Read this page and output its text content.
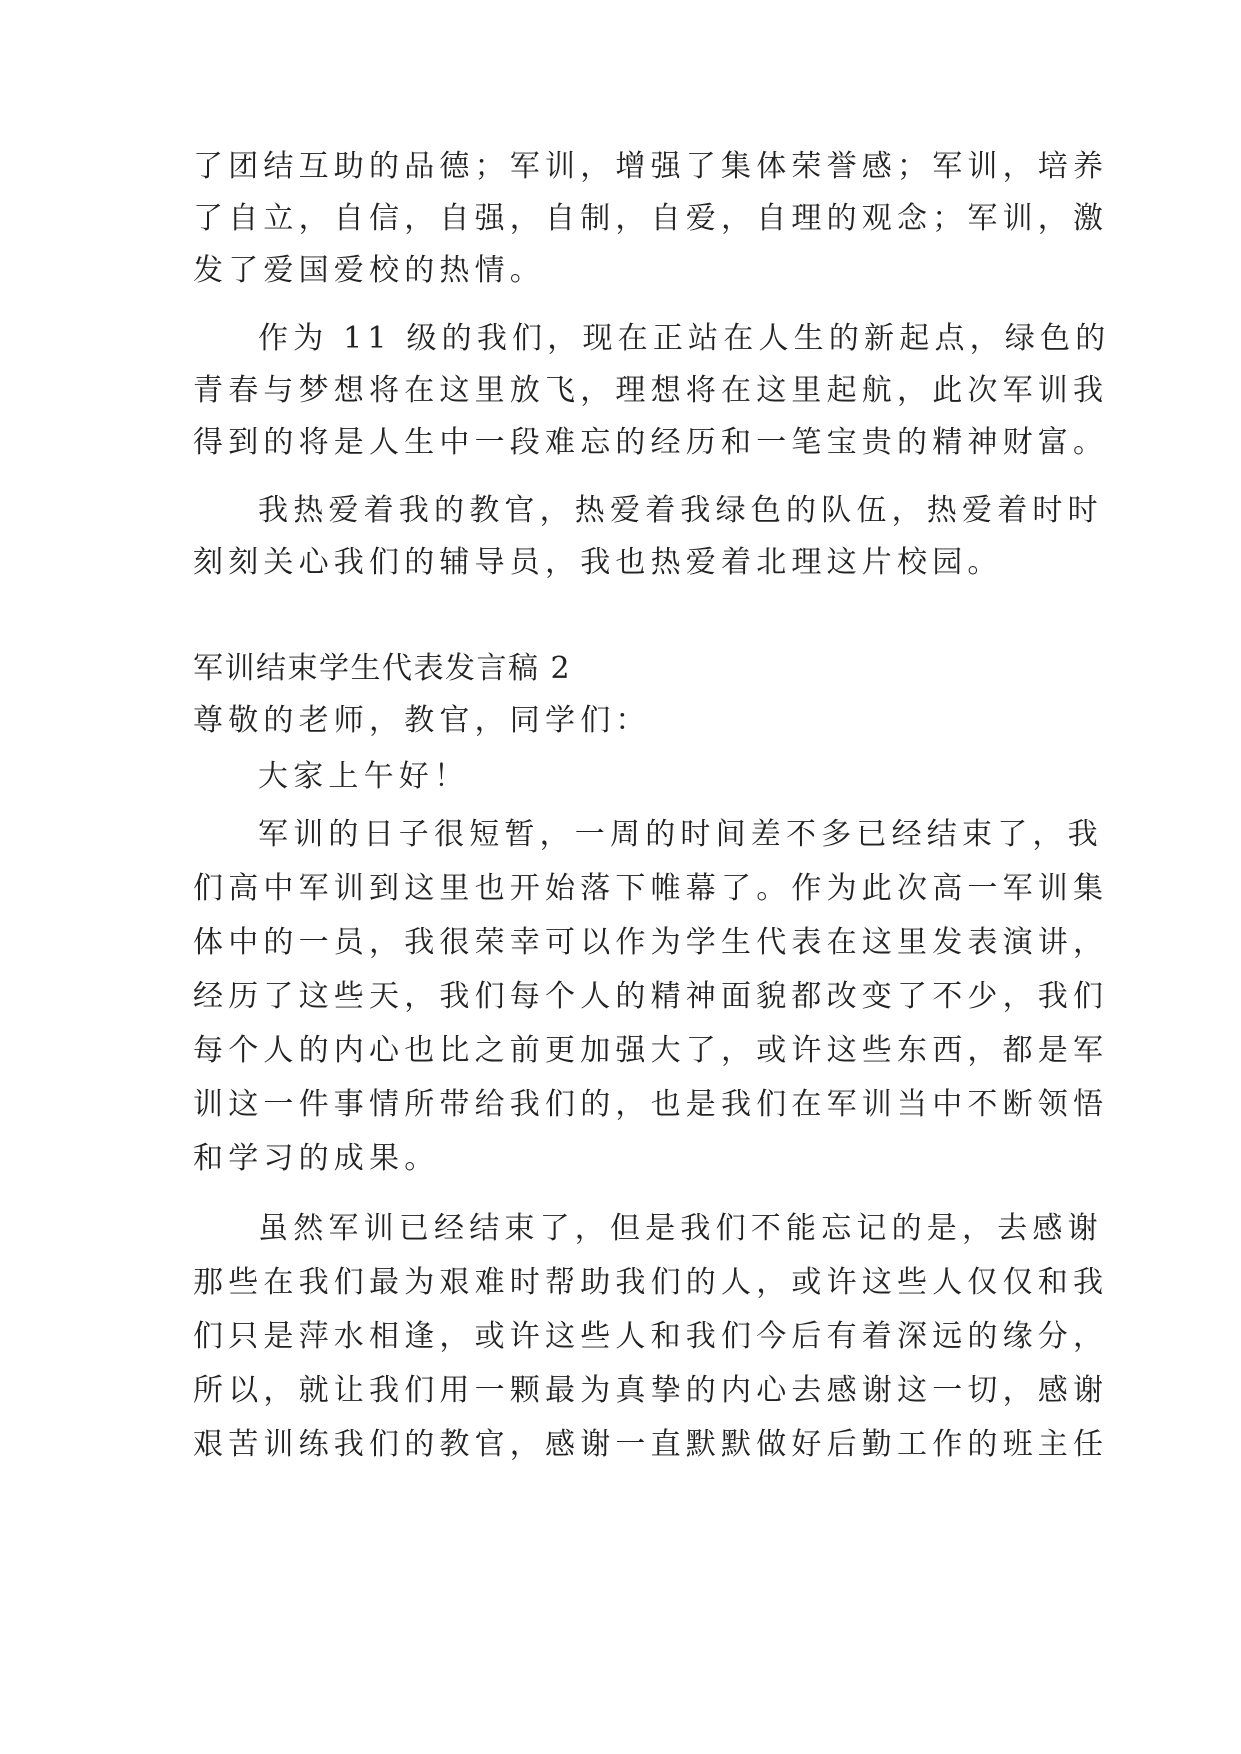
了团结互助的品德；军训，增强了集体荣誉感；军训，培养
了自立，自信，自强，自制，自爱，自理的观念；军训，激
发了爱国爱校的热情。
作为 11 级的我们，现在正站在人生的新起点，绿色的
青春与梦想将在这里放飞，理想将在这里起航，此次军训我
得到的将是人生中一段难忘的经历和一笔宝贵的精神财富。
我热爱着我的教官，热爱着我绿色的队伍，热爱着时时
刻刻关心我们的辅导员，我也热爱着北理这片校园。
军训结束学生代表发言稿 2
尊敬的老师，教官，同学们：
大家上午好！
军训的日子很短暂，一周的时间差不多已经结束了，我
们高中军训到这里也开始落下帷幕了。作为此次高一军训集
体中的一员，我很荣幸可以作为学生代表在这里发表演讲，
经历了这些天，我们每个人的精神面貌都改变了不少，我们
每个人的内心也比之前更加强大了，或许这些东西，都是军
训这一件事情所带给我们的，也是我们在军训当中不断领悟
和学习的成果。
虽然军训已经结束了，但是我们不能忘记的是，去感谢
那些在我们最为艰难时帮助我们的人，或许这些人仅仅和我
们只是萍水相逢，或许这些人和我们今后有着深远的缘分，
所以，就让我们用一颗最为真挚的内心去感谢这一切，感谢
艰苦训练我们的教官，感谢一直默默做好后勤工作的班主任
